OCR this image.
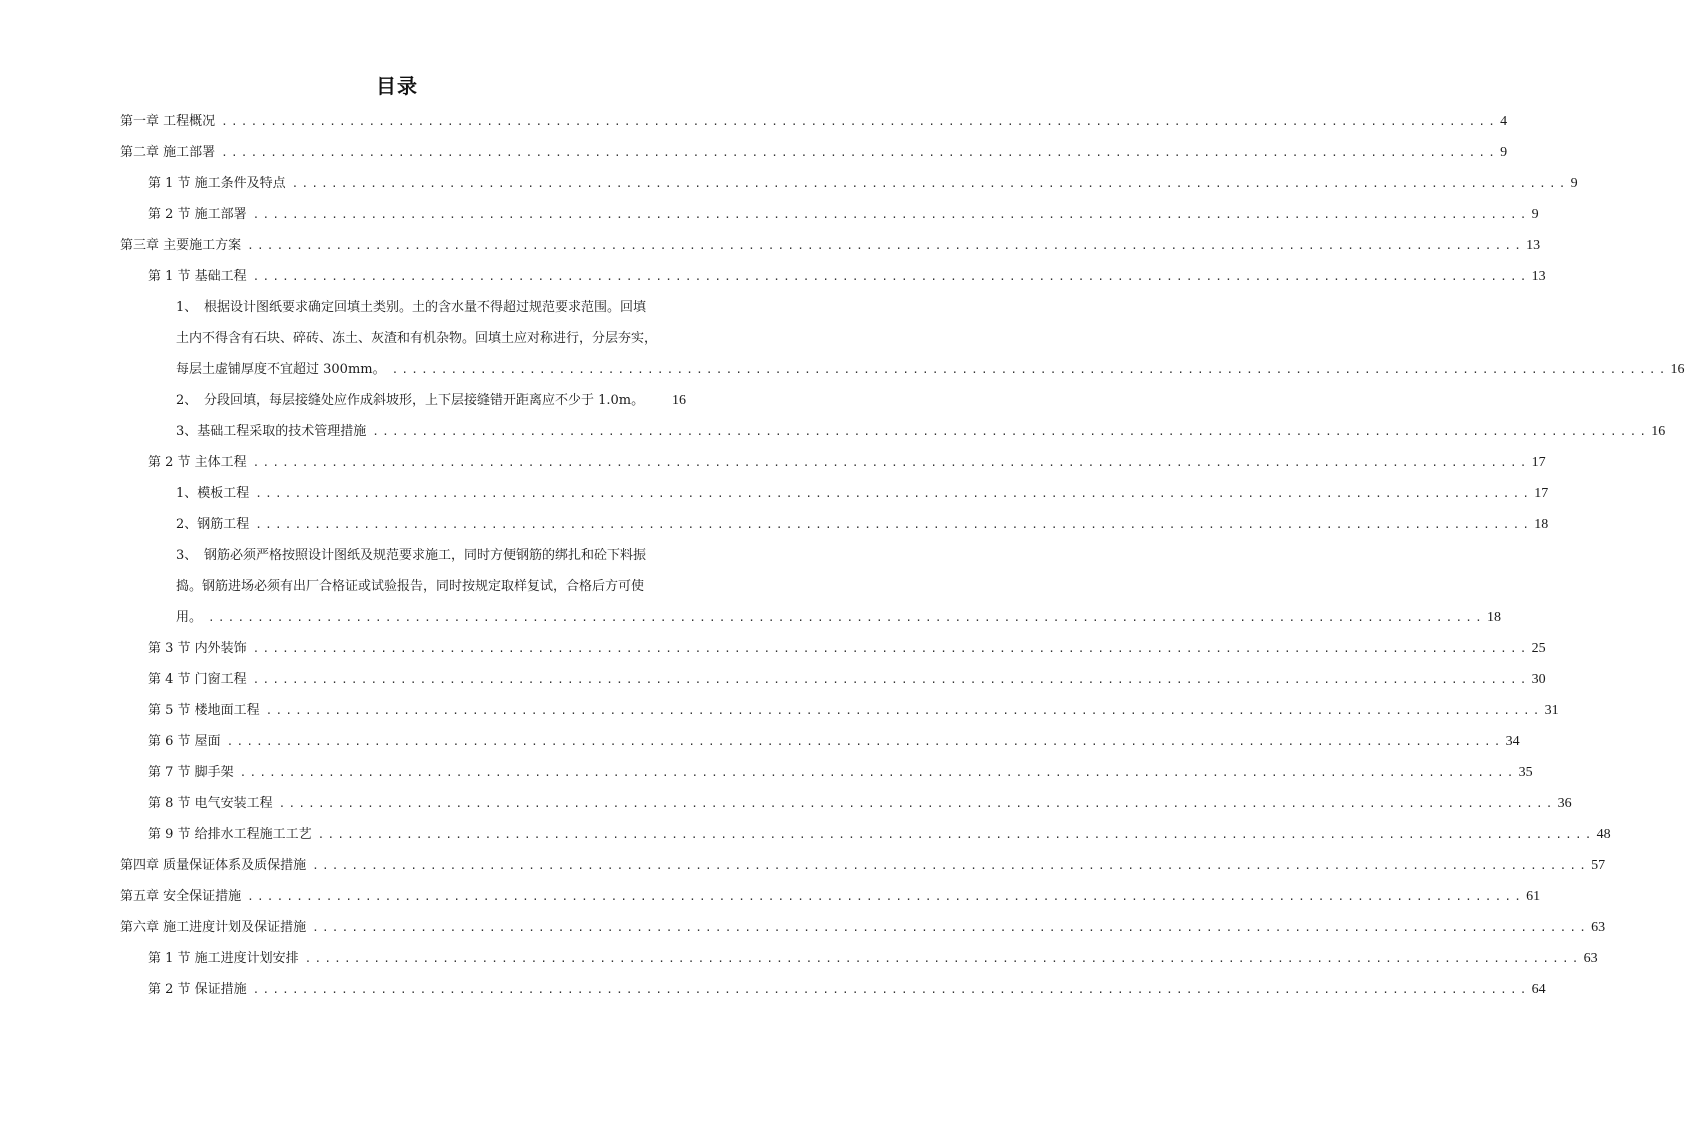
目录
第一章 工程概况 .................................................................................................................................. 4
第二章 施工部署 .................................................................................................................................. 9
第 1 节 施工条件及特点 .................................................................................................................................. 9
第 2 节 施工部署 .................................................................................................................................. 9
第三章 主要施工方案 .................................................................................................................................. 13
第 1 节 基础工程 .................................................................................................................................. 13
1、 根据设计图纸要求确定回填土类别。土的含水量不得超过规范要求范围。回填
土内不得含有石块、碎砖、冻土、灰渣和有机杂物。回填土应对称进行，分层夯实，
每层土虚铺厚度不宜超过 300mm。 .................................................................................................................................. 16
2、 分段回填，每层接缝处应作成斜坡形，上下层接缝错开距离应不少于 1.0m。 16
3、 基础工程采取的技术管理措施 .................................................................................................................................. 16
第 2 节 主体工程 .................................................................................................................................. 17
1、 模板工程 .................................................................................................................................. 17
2、 钢筋工程 .................................................................................................................................. 18
3、 钢筋必须严格按照设计图纸及规范要求施工，同时方便钢筋的绑扎和砼下料振
捣。钢筋进场必须有出厂合格证或试验报告，同时按规定取样复试，合格后方可使
用。 .................................................................................................................................. 18
第 3 节 内外装饰 .................................................................................................................................. 25
第 4 节 门窗工程 .................................................................................................................................. 30
第 5 节 楼地面工程 .................................................................................................................................. 31
第 6 节 屋面 .................................................................................................................................. 34
第 7 节 脚手架 .................................................................................................................................. 35
第 8 节 电气安装工程 .................................................................................................................................. 36
第 9 节 给排水工程施工工艺 .................................................................................................................................. 48
第四章 质量保证体系及质保措施 .................................................................................................................................. 57
第五章 安全保证措施 .................................................................................................................................. 61
第六章 施工进度计划及保证措施 .................................................................................................................................. 63
第 1 节 施工进度计划安排 .................................................................................................................................. 63
第 2 节 保证措施 .................................................................................................................................. 64
